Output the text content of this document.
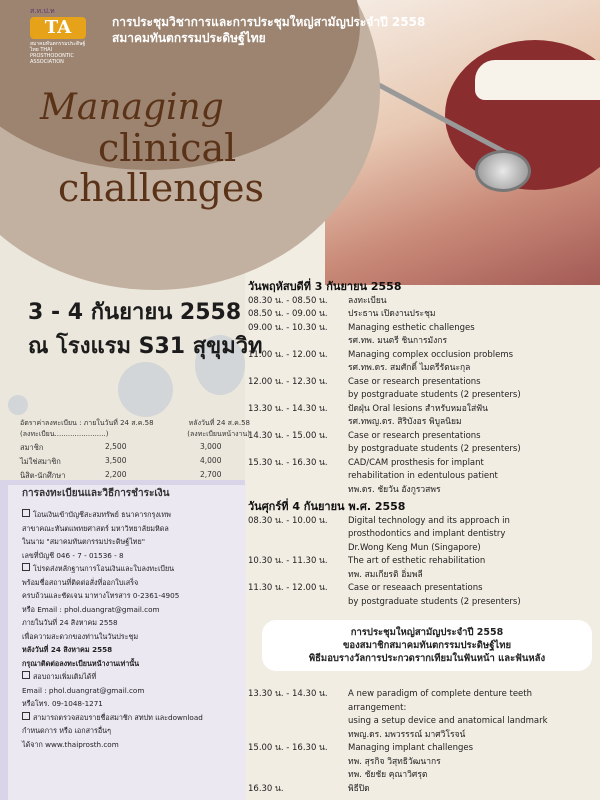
ส.ท.ป.ท
TA
สมาคมทันตกรรมประดิษฐ์ไทย THAI PROSTHODONTIC ASSOCIATION
การประชุมวิชาการและการประชุมใหญ่สามัญประจำปี 2558
สมาคมทันตกรรมประดิษฐ์ไทย
Managing
clinical
challenges
3 - 4 กันยายน 2558
ณ โรงแรม S31 สุขุมวิท
อัตราค่าลงทะเบียน : ภายในวันที่ 24 ส.ค.58	หลังวันที่ 24 ส.ค.58
(ลงทะเบียน.......................)	(ลงทะเบียนหน้างาน)
สมาชิก	2,500	3,000
ไม่ใช่สมาชิก	3,500	4,000
นิสิต-นักศึกษา	2,200	2,700
การลงทะเบียนและวิธีการชำระเงิน
โอนเงินเข้าบัญชีสะสมทรัพย์ ธนาคารกรุงเทพ
สาขาคณะทันตแพทยศาสตร์ มหาวิทยาลัยมหิดล
ในนาม "สมาคมทันตกรรมประดิษฐ์ไทย"
เลขที่บัญชี 046 - 7 - 01536 - 8
โปรดส่งหลักฐานการโอนเงินและใบลงทะเบียน
พร้อมชื่อสถานที่ติดต่อสั่งที่ออกใบเสร็จ
ครบถ้วนและชัดเจน มาทางโทรสาร 0-2361-4905
หรือ Email : phol.duangrat@gmail.com
ภายในวันที่ 24 สิงหาคม 2558
เพื่อความสะดวกของท่านในวันประชุม
หลังวันที่ 24 สิงหาคม 2558
กรุณาติดต่อลงทะเบียนหน้างานเท่านั้น
สอบถามเพิ่มเติมได้ที่
Email : phol.duangrat@gmail.com
หรือโทร. 09-1048-1271
สามารถตรวจสอบรายชื่อสมาชิก สทปท และdownload
กำหนดการ หรือ เอกสารอื่นๆ
ได้จาก www.thaiprosth.com
วันพฤหัสบดีที่ 3 กันยายน 2558
08.30 น. - 08.50 น.	ลงทะเบียน
08.50 น. - 09.00 น.	ประธาน เปิดงานประชุม
09.00 น. - 10.30 น.	Managing esthetic challenges
รศ.ทพ. มนตรี ชินการมังกร
11.00 น. - 12.00 น.	Managing complex occlusion problems
รศ.ทพ.ดร. สมศักดิ์ ไมตรีรัตนะกุล
12.00 น. - 12.30 น.	Case or research presentations
by postgraduate students (2 presenters)
13.30 น. - 14.30 น.	ปัดฝุ่น Oral lesions สำหรับหมอใส่ฟัน
รศ.ทพญ.ดร. สิริบังอร พิบูลนิยม
14.30 น. - 15.00 น.	Case or research presentations
by postgraduate students (2 presenters)
15.30 น. - 16.30 น.	CAD/CAM prosthesis for implant
rehabilitation in edentulous patient
ทพ.ดร. ชัยวัน อังกูรวสพร
วันศุกร์ที่ 4 กันยายน พ.ศ. 2558
08.30 น. - 10.00 น.	Digital technology and its approach in
prosthodontics and implant dentistry
Dr.Wong Keng Mun (Singapore)
10.30 น. - 11.30 น.	The art of esthetic rehabilitation
ทพ. สมเกียรติ อิ่มพลี
11.30 น. - 12.00 น.	Case or reseaach presentations
by postgraduate students (2 presenters)
การประชุมใหญ่สามัญประจำปี 2558
ของสมาชิกสมาคมทันตกรรมประดิษฐ์ไทย
พิธีมอบรางวัลการประกวดรากเทียมในฟันหน้า และฟันหลัง
13.30 น. - 14.30 น.	A new paradigm of complete denture teeth arrangement:
using a setup device and anatomical landmark
ทพญ.ดร. มพวรรรณ์ มาศวิโรจน์
15.00 น. - 16.30 น.	Managing implant challenges
ทพ. สุรกิจ วิสุทธิวัฒนากร
ทพ. ชัยชัย คุณาวิศรุต
16.30 น.	พิธีปิด
